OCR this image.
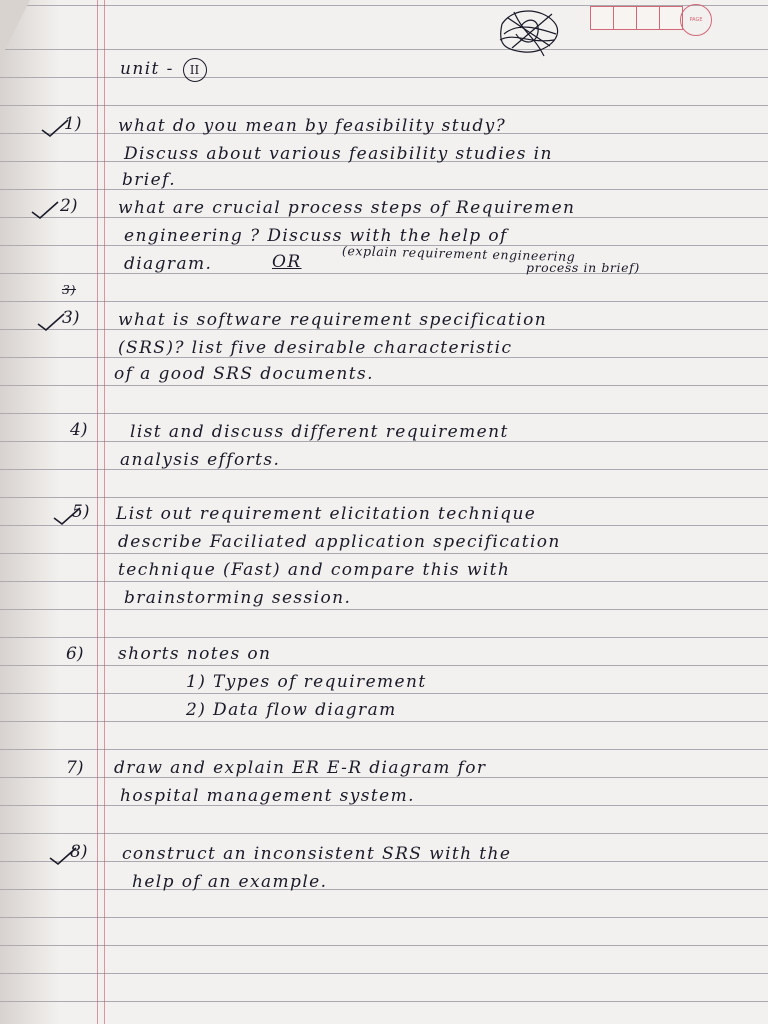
PAGE
unit - II
1) what do you mean by feasibility study?
Discuss about various feasibility studies in
brief.
2) what are crucial process steps of Requiremen
engineering ? Discuss with the help of
diagram.	OR	(explain requirement engineering
process in brief)
3)
3) what is software requirement specification
(SRS)? list five desirable characteristic
of a good SRS documents.
4)	list and discuss different requirement
analysis efforts.
5) List out requirement elicitation technique
describe Faciliated application specification
technique (Fast) and compare this with
brainstorming session.
6) shorts notes on
1) Types of requirement
2) Data flow diagram
7) draw and explain ER E-R diagram for
hospital management system.
8) construct an inconsistent SRS with the
help of an example.
